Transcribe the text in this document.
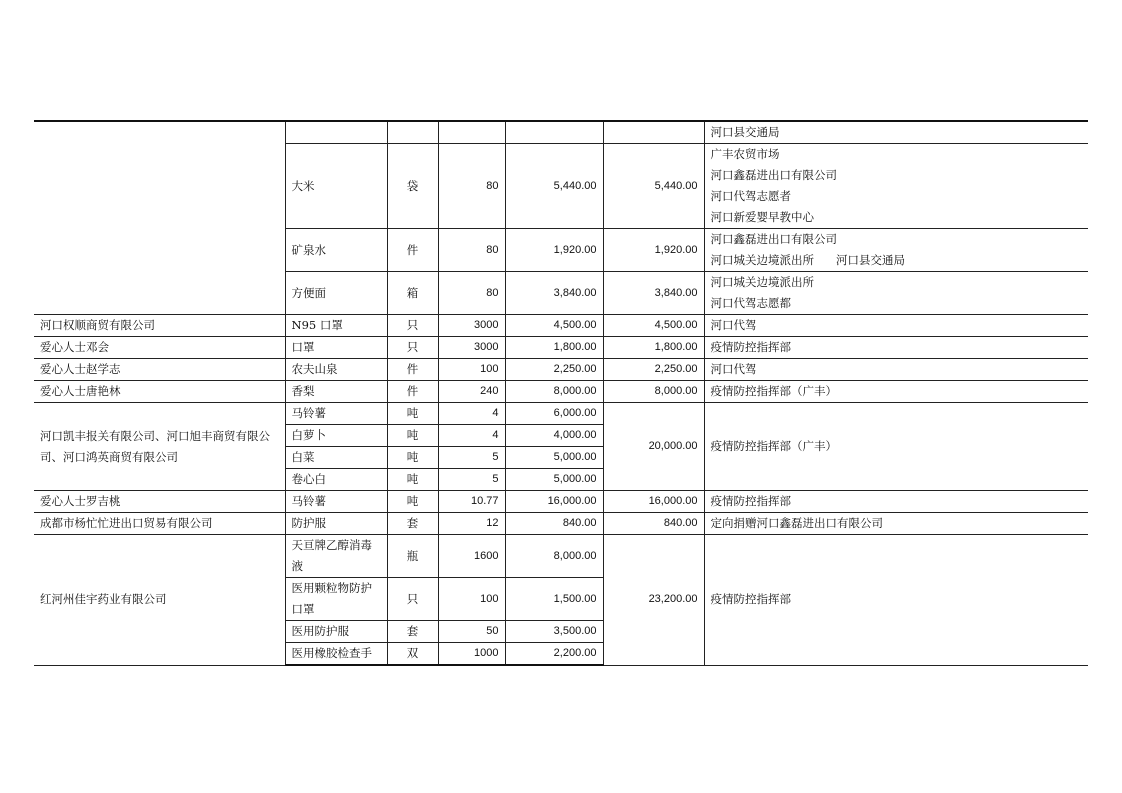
						河口县交通局
	大米	袋	80	5,440.00	5,440.00	广丰农贸市场
河口鑫磊进出口有限公司
河口代驾志愿者
河口新爱婴早教中心

	矿泉水	件	80	1,920.00	1,920.00	河口鑫磊进出口有限公司
河口城关边境派出所 河口县交通局

	方便面	箱	80	3,840.00	3,840.00	河口城关边境派出所
河口代驾志愿都

河口权顺商贸有限公司	N95 口罩	只	3000	4,500.00	4,500.00	河口代驾
爱心人士邓会	口罩	只	3000	1,800.00	1,800.00	疫情防控指挥部
爱心人士赵学志	农夫山泉	件	100	2,250.00	2,250.00	河口代驾
爱心人士唐艳林	香梨	件	240	8,000.00	8,000.00	疫情防控指挥部（广丰）
河口凯丰报关有限公司、河口旭丰商贸有限公司、河口鸿英商贸有限公司	马铃薯	吨	4	6,000.00	20,000.00	疫情防控指挥部（广丰）
	白萝卜	吨	4	4,000.00		
	白菜	吨	5	5,000.00		
	卷心白	吨	5	5,000.00		
爱心人士罗吉桃	马铃薯	吨	10.77	16,000.00	16,000.00	疫情防控指挥部
成都市杨忙忙进出口贸易有限公司	防护服	套	12	840.00	840.00	定向捐赠河口鑫磊进出口有限公司
红河州佳宇药业有限公司	天亘牌乙醇消毒液	瓶	1600	8,000.00	23,200.00	疫情防控指挥部
	医用颗粒物防护口罩	只	100	1,500.00		
	医用防护服	套	50	3,500.00		
	医用橡胶检查手	双	1000	2,200.00		
